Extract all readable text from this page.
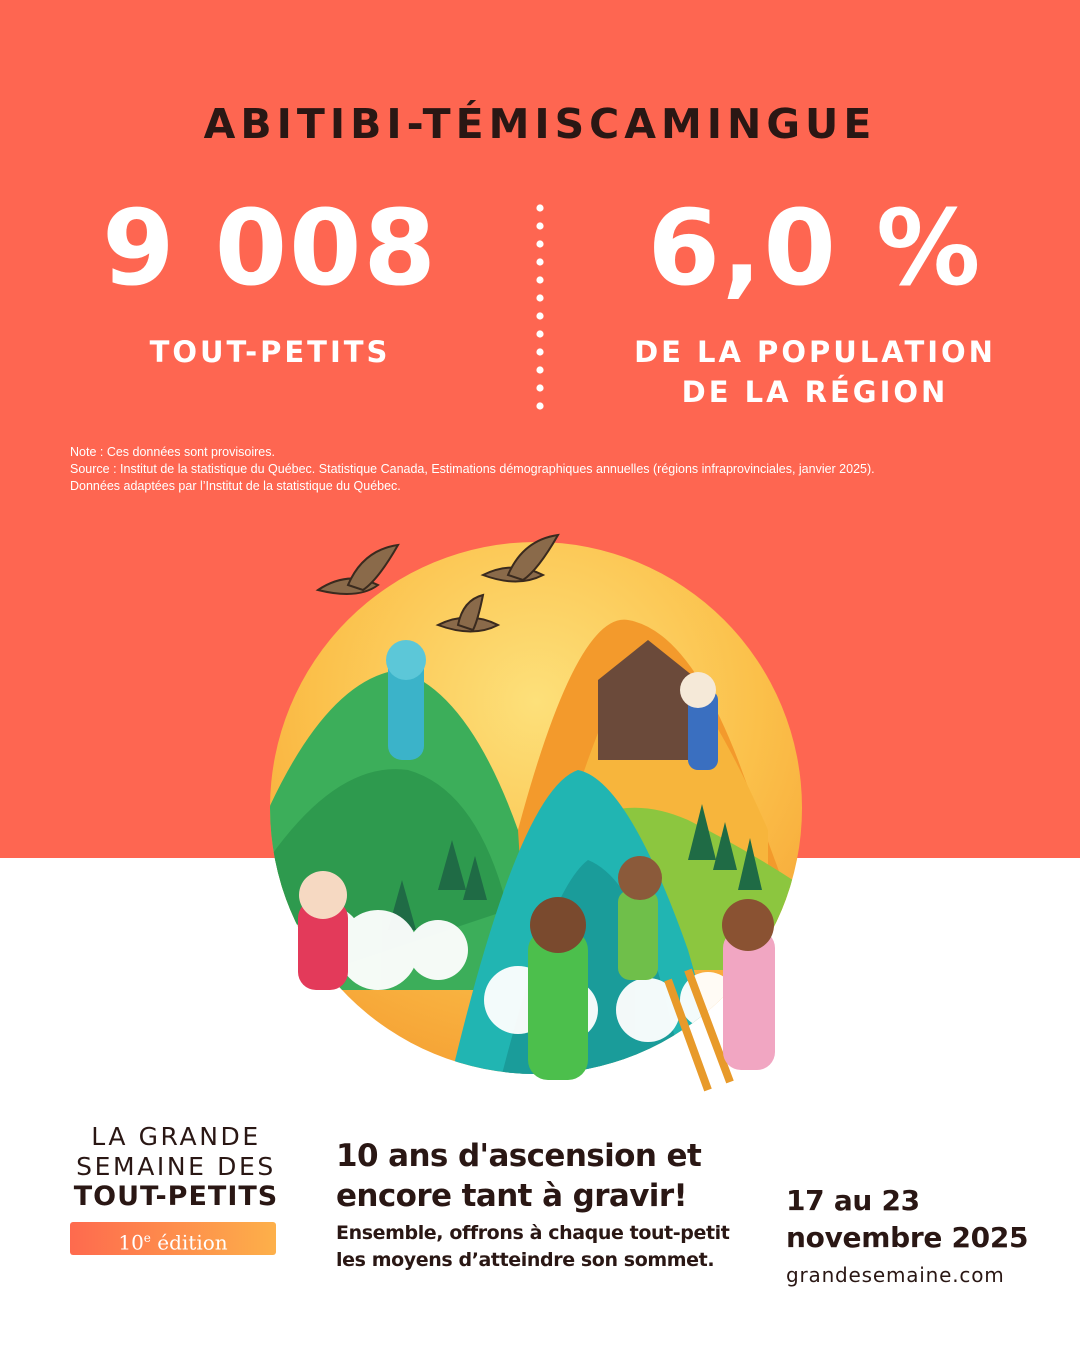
ABITIBI-TÉMISCAMINGUE
9 008
TOUT-PETITS
6,0 %
DE LA POPULATION
DE LA RÉGION
Note : Ces données sont provisoires.
Source : Institut de la statistique du Québec. Statistique Canada, Estimations démographiques annuelles (régions infraprovinciales, janvier 2025).
Données adaptées par l’Institut de la statistique du Québec.
LA GRANDE
SEMAINE DES
TOUT-PETITS
10e édition
10 ans d'ascension et
encore tant à gravir!
Ensemble, offrons à chaque tout-petit
les moyens d’atteindre son sommet.
17 au 23
novembre 2025
grandesemaine.com
